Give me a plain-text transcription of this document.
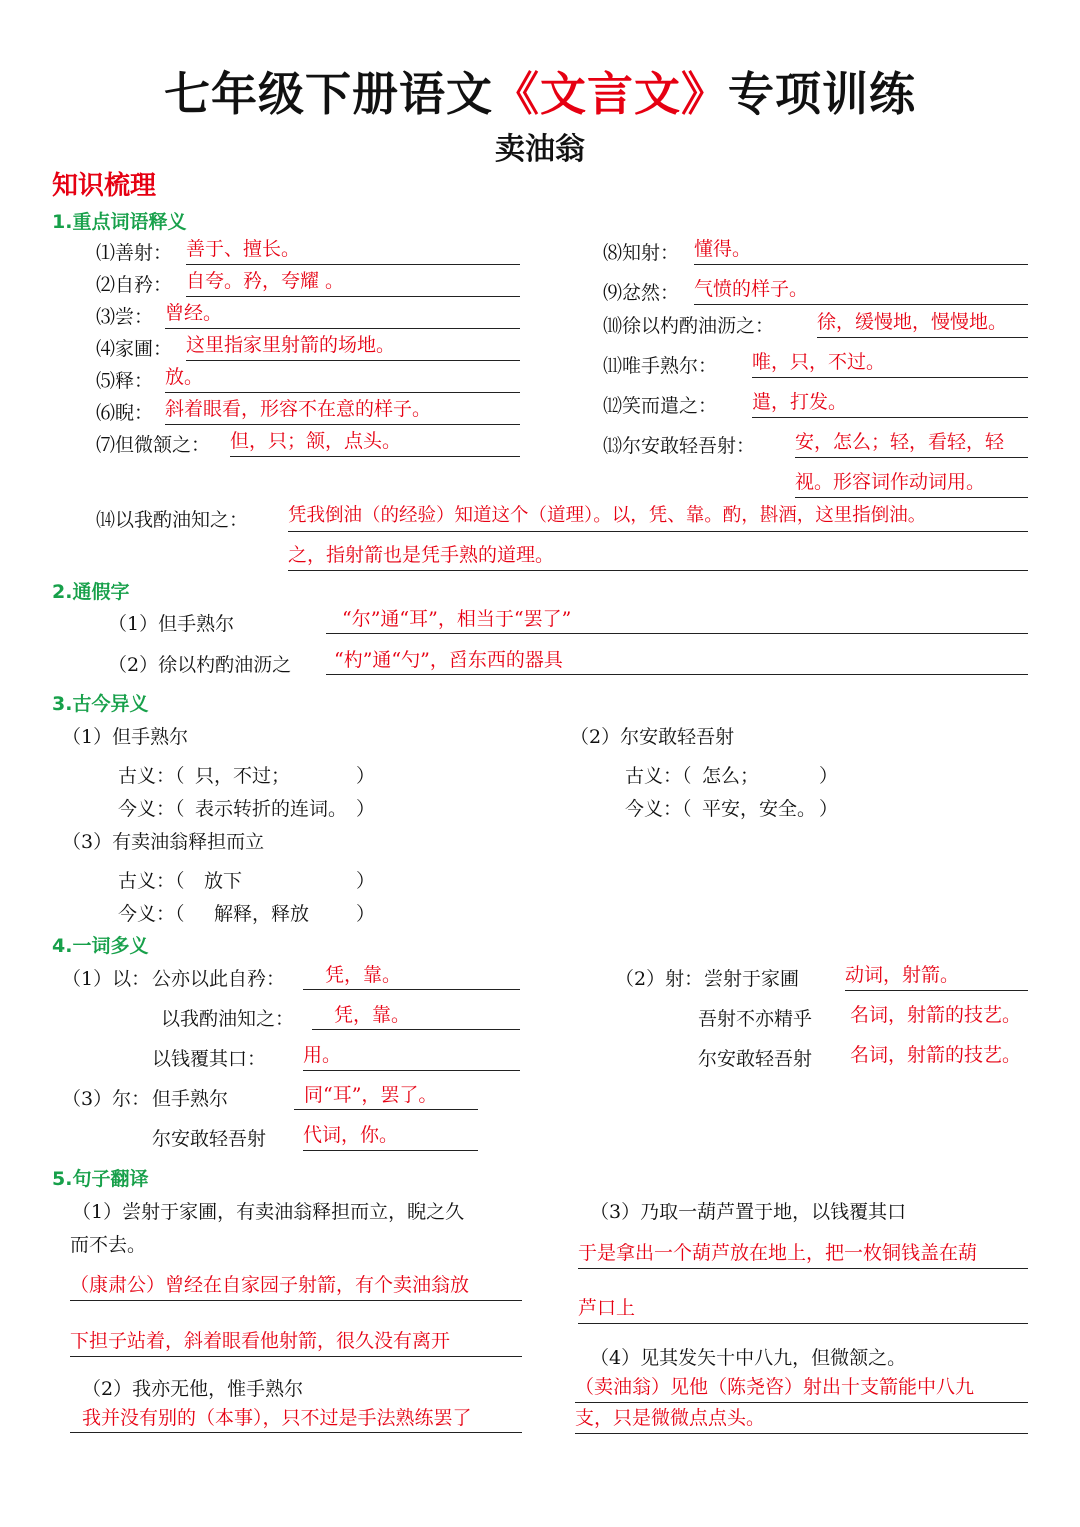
七年级下册语文《文言文》专项训练
卖油翁
知识梳理
1.重点词语释义
⑴善射： 善于、擅长。
⑵自矜： 自夸。矜，夸耀 。
⑶尝： 曾经。
⑷家圃： 这里指家里射箭的场地。
⑸释： 放。
⑹睨： 斜着眼看，形容不在意的样子。
⑺但微颔之： 但，只；颔，点头。
⑻知射： 懂得。
⑼忿然： 气愤的样子。
⑽徐以杓酌油沥之： 徐，缓慢地，慢慢地。
⑾唯手熟尔： 唯，只，不过。
⑿笑而遣之： 遣，打发。
⒀尔安敢轻吾射： 安，怎么；轻，看轻，轻
视。形容词作动词用。
⒁以我酌油知之： 凭我倒油（的经验）知道这个（道理）。以，凭、靠。酌，斟酒，这里指倒油。
之，指射箭也是凭手熟的道理。
2.通假字
（1）但手熟尔	“尔”通“耳”，相当于“罢了”
（2）徐以杓酌油沥之	“杓”通“勺”，舀东西的器具
3.古今异义
（1）但手熟尔
古义：（ 只，不过；	）
今义：（ 表示转折的连词。 ）
（2）尔安敢轻吾射
古义：（ 怎么；	）
今义：（ 平安，安全。 ）
（3）有卖油翁释担而立
古义：（ 放下	）
今义：（ 解释，释放 ）
4.一词多义
（1）以： 公亦以此自矜：	凭，靠。
以我酌油知之：	凭，靠。
以钱覆其口： 用。
（2）射： 尝射于家圃 动词，射箭。
吾射不亦精乎 名词，射箭的技艺。
尔安敢轻吾射 名词，射箭的技艺。
（3）尔： 但手熟尔	同“耳”，罢了。
尔安敢轻吾射 代词，你。
5.句子翻译
（1）尝射于家圃，有卖油翁释担而立，睨之久
而不去。
（康肃公）曾经在自家园子射箭，有个卖油翁放
下担子站着，斜着眼看他射箭，很久没有离开
（2）我亦无他，惟手熟尔
我并没有别的（本事），只不过是手法熟练罢了
（3）乃取一葫芦置于地，以钱覆其口
于是拿出一个葫芦放在地上，把一枚铜钱盖在葫
芦口上
（4）见其发矢十中八九，但微颔之。
（卖油翁）见他（陈尧咨）射出十支箭能中八九
支，只是微微点点头。
